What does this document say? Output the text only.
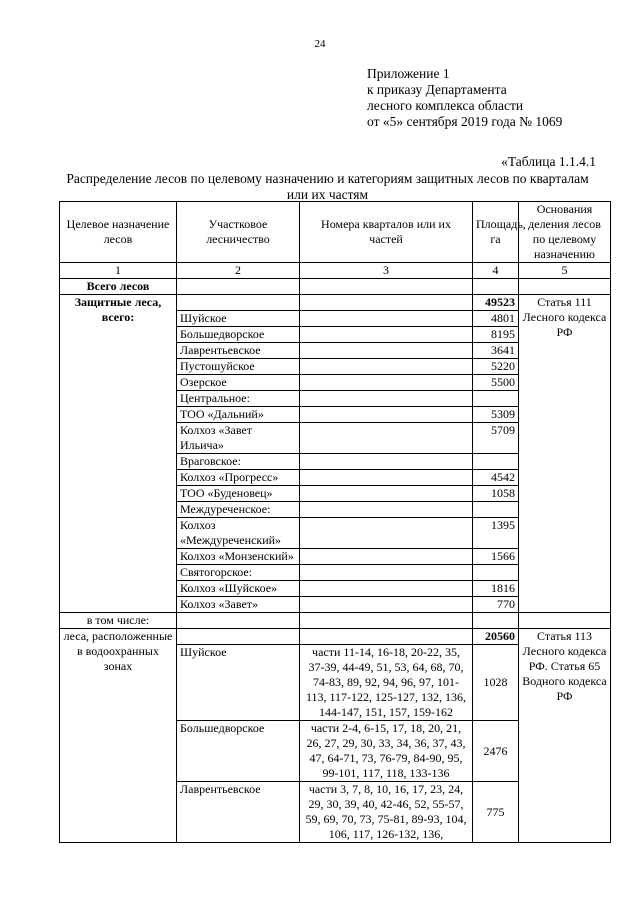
24
Приложение 1
к приказу Департамента
лесного комплекса области
от «5» сентября 2019 года № 1069
«Таблица 1.1.4.1
Распределение лесов по целевому назначению и категориям защитных лесов по кварталам или их частям
Целевое назначение лесов	Участковое лесничество	Номера кварталов или их частей	Площадь, га	Основания деления лесов по целевому назначению
1	2	3	4	5
Всего лесов				
Защитные леса, всего:			49523	Статья 111 Лесного кодекса РФ
	Шуйское		4801	
	Большедворское		8195	
	Лаврентьевское		3641	
	Пустошуйское		5220	
	Озерское		5500	
	Центральное:			
	ТОО «Дальний»		5309	
	Колхоз «Завет Ильича»		5709	
	Враговское:			
	Колхоз «Прогресс»		4542	
	ТОО «Буденовец»		1058	
	Междуреченское:			
	Колхоз «Междуреченский»		1395	
	Колхоз «Монзенский»		1566	
	Святогорское:			
	Колхоз «Шуйское»		1816	
	Колхоз «Завет»		770	
в том числе:				
леса, расположенные в водоохранных зонах			20560	Статья 113 Лесного кодекса РФ. Статья 65 Водного кодекса РФ
	Шуйское	части 11-14, 16-18, 20-22, 35, 37-39, 44-49, 51, 53, 64, 68, 70, 74-83, 89, 92, 94, 96, 97, 101-113, 117-122, 125-127, 132, 136, 144-147, 151, 157, 159-162	1028	
	Большедворское	части 2-4, 6-15, 17, 18, 20, 21, 26, 27, 29, 30, 33, 34, 36, 37, 43, 47, 64-71, 73, 76-79, 84-90, 95, 99-101, 117, 118, 133-136	2476	
	Лаврентьевское	части 3, 7, 8, 10, 16, 17, 23, 24, 29, 30, 39, 40, 42-46, 52, 55-57, 59, 69, 70, 73, 75-81, 89-93, 104, 106, 117, 126-132, 136,	775	
